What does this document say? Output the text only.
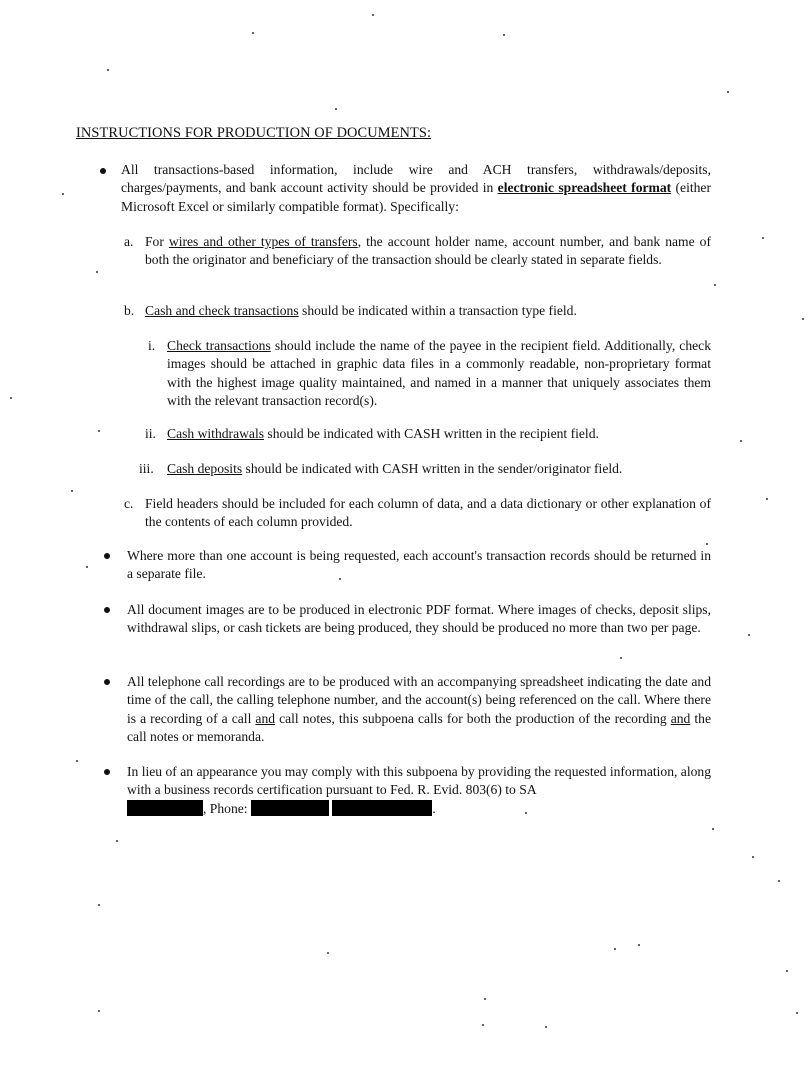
INSTRUCTIONS FOR PRODUCTION OF DOCUMENTS:
All transactions-based information, include wire and ACH transfers, withdrawals/deposits, charges/payments, and bank account activity should be provided in electronic spreadsheet format (either Microsoft Excel or similarly compatible format). Specifically:
a. For wires and other types of transfers, the account holder name, account number, and bank name of both the originator and beneficiary of the transaction should be clearly stated in separate fields.
b. Cash and check transactions should be indicated within a transaction type field.
i. Check transactions should include the name of the payee in the recipient field. Additionally, check images should be attached in graphic data files in a commonly readable, non-proprietary format with the highest image quality maintained, and named in a manner that uniquely associates them with the relevant transaction record(s).
ii. Cash withdrawals should be indicated with CASH written in the recipient field.
iii. Cash deposits should be indicated with CASH written in the sender/originator field.
c. Field headers should be included for each column of data, and a data dictionary or other explanation of the contents of each column provided.
Where more than one account is being requested, each account's transaction records should be returned in a separate file.
All document images are to be produced in electronic PDF format. Where images of checks, deposit slips, withdrawal slips, or cash tickets are being produced, they should be produced no more than two per page.
All telephone call recordings are to be produced with an accompanying spreadsheet indicating the date and time of the call, the calling telephone number, and the account(s) being referenced on the call. Where there is a recording of a call and call notes, this subpoena calls for both the production of the recording and the call notes or memoranda.
In lieu of an appearance you may comply with this subpoena by providing the requested information, along with a business records certification pursuant to Fed. R. Evid. 803(6) to SA
, Phone:	.
